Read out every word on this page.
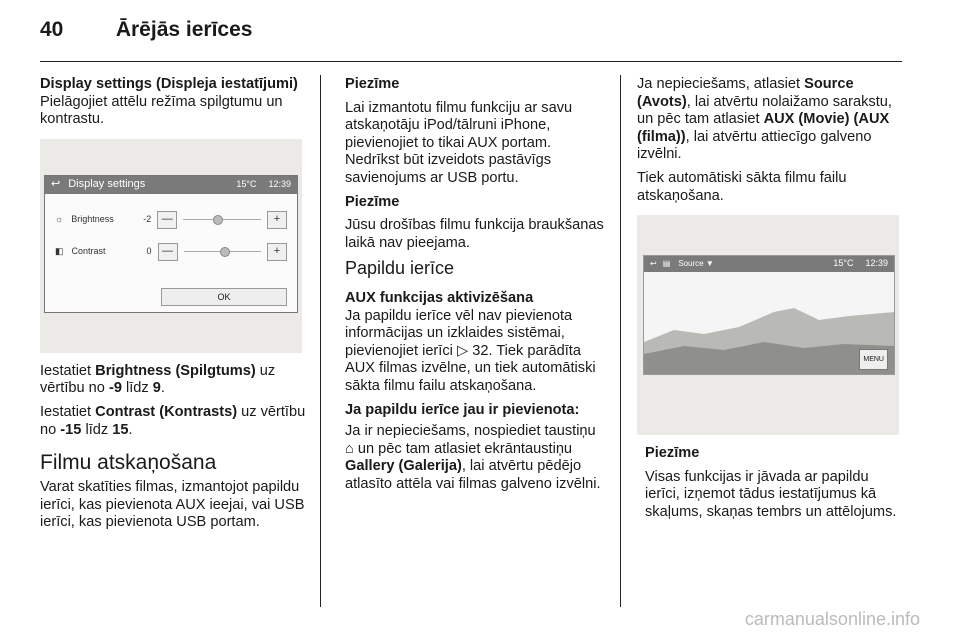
40 Ārējās ierīces

Display settings (Displeja iestatījumi)

Pielāgojiet attēlu režīma spilgtumu un kontrastu.

↩ Display settings	15°C 12:39
☼ Brightness	-2 —	+
◧ Contrast	0 —	+
OK

Iestatiet Brightness (Spilgtums) uz vērtību no -9 līdz 9.

Iestatiet Contrast (Kontrasts) uz vērtību no -15 līdz 15.

Filmu atskaņošana

Varat skatīties filmas, izmantojot papildu ierīci, kas pievienota AUX ieejai, vai USB ierīci, kas pievienota USB portam.

Piezīme

Lai izmantotu filmu funkciju ar savu atskaņotāju iPod/tālruni iPhone, pievienojiet to tikai AUX portam. Nedrīkst būt izveidots pastāvīgs savienojums ar USB portu.

Piezīme

Jūsu drošības filmu funkcija braukšanas laikā nav pieejama.

Papildu ierīce

AUX funkcijas aktivizēšana

Ja papildu ierīce vēl nav pievienota informācijas un izklaides sistēmai, pievienojiet ierīci ▷ 32. Tiek parādīta AUX filmas izvēlne, un tiek automātiski sākta filmu failu atskaņošana.

Ja papildu ierīce jau ir pievienota:

Ja ir nepieciešams, nospiediet taustiņu ⌂ un pēc tam atlasiet ekrāntaustiņu Gallery (Galerija), lai atvērtu pēdējo atlasīto attēla vai filmas galveno izvēlni.

Ja nepieciešams, atlasiet Source (Avots), lai atvērtu nolaižamo sarakstu, un pēc tam atlasiet AUX (Movie) (AUX (filma)), lai atvērtu attiecīgo galveno izvēlni.

Tiek automātiski sākta filmu failu atskaņošana.

↩ ▤ Source ▼	15°C 12:39
MENU

Piezīme

Visas funkcijas ir jāvada ar papildu ierīci, izņemot tādus iestatījumus kā skaļums, skaņas tembrs un attēlojums.

carmanualsonline.info
